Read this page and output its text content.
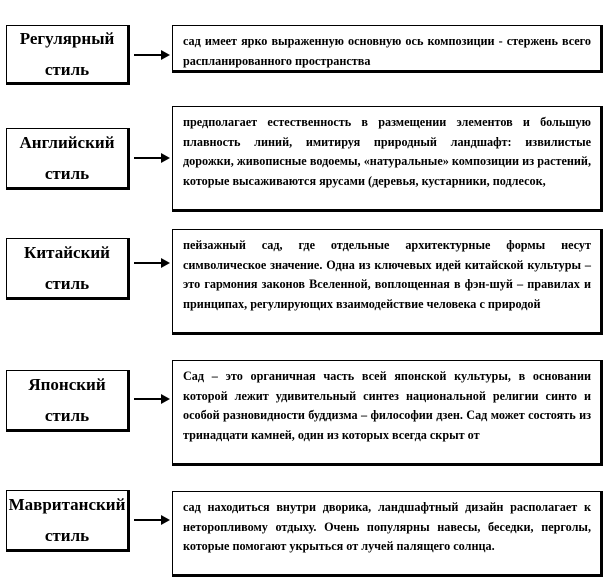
Регулярный стиль
сад имеет ярко выраженную основную ось композиции - стержень всего распланированного пространства
Английский стиль
предполагает естественность в размещении элементов и большую плавность линий, имитируя природный ландшафт: извилистые дорожки, живописные водоемы, «натуральные» композиции из растений, которые высаживаются ярусами (деревья, кустарники, подлесок,
Китайский стиль
пейзажный сад, где отдельные архитектурные формы несут символическое значение. Одна из ключевых идей китайской культуры – это гармония законов Вселенной, воплощенная в фэн-шуй – правилах и принципах, регулирующих взаимодействие человека с природой
Японский стиль
Сад – это органичная часть всей японской культуры, в основании которой лежит удивительный синтез национальной религии синто и особой разновидности буддизма – философии дзен. Сад может состоять из тринадцати камней, один из которых всегда скрыт от
Мавританский стиль
сад находиться внутри дворика, ландшафтный дизайн располагает к неторопливому отдыху. Очень популярны навесы, беседки, перголы, которые помогают укрыться от лучей палящего солнца.
